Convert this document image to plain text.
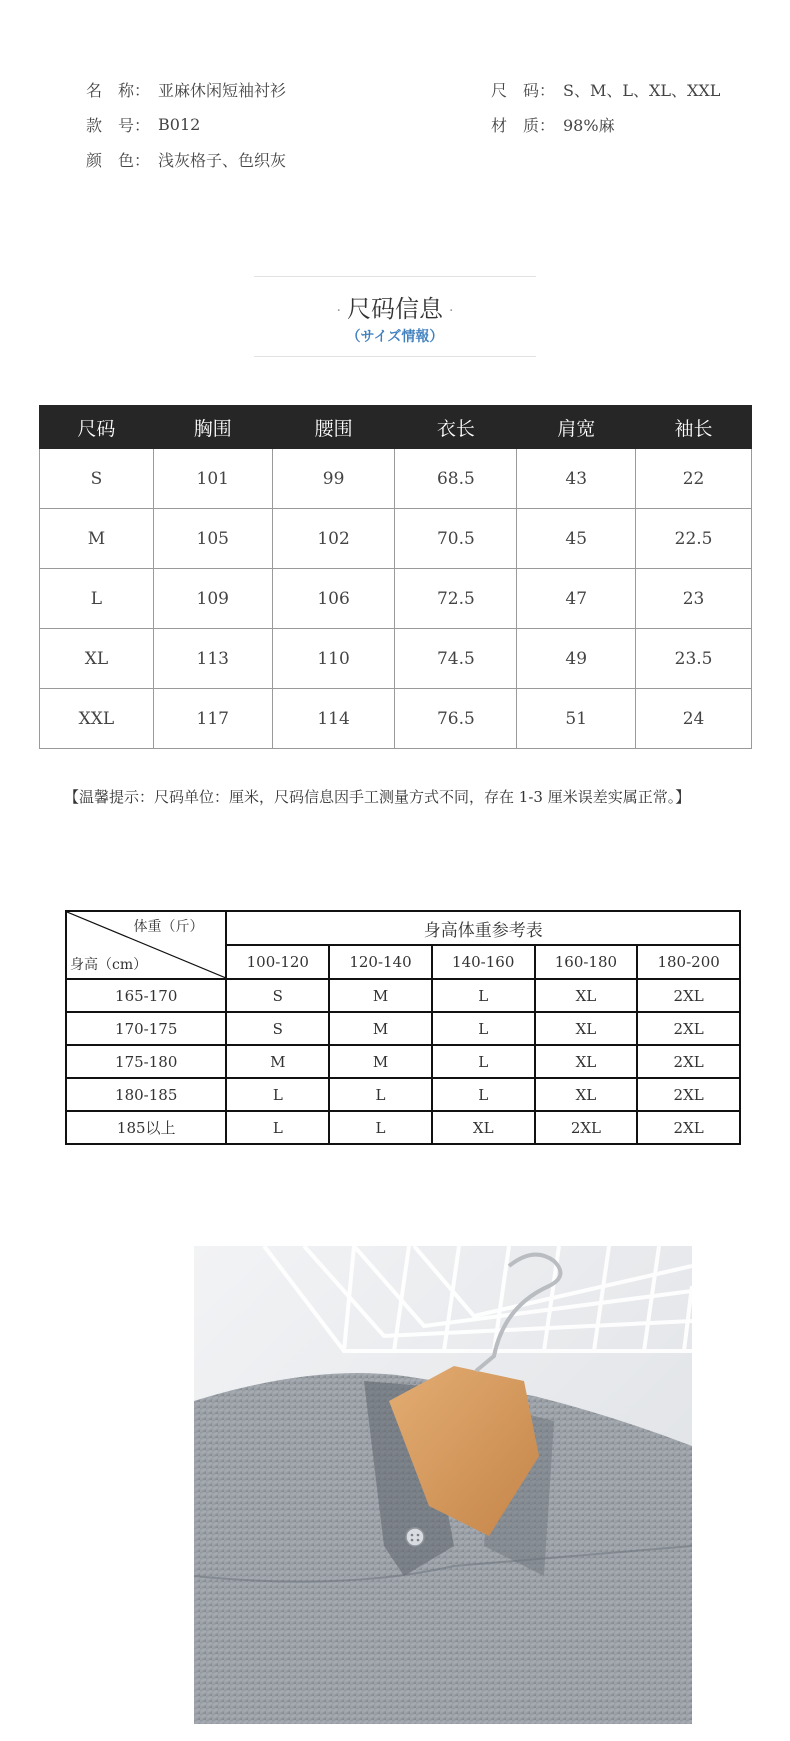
名　称： 亚麻休闲短袖衬衫	尺　码： S、M、L、XL、XXL
款　号： B012	材　质： 98%麻
颜　色： 浅灰格子、色织灰
· 尺码信息 ·
（サイズ情報）
尺码	胸围	腰围	衣长	肩宽	袖长
S	101	99	68.5	43	22
M	105	102	70.5	45	22.5
L	109	106	72.5	47	23
XL	113	110	74.5	49	23.5
XXL	117	114	76.5	51	24
【温馨提示：尺码单位：厘米，尺码信息因手工测量方式不同，存在 1-3 厘米误差实属正常。】
体重（斤）
身高（cm）	身高体重参考表				
	100-120	120-140	140-160	160-180	180-200
165-170	S	M	L	XL	2XL
170-175	S	M	L	XL	2XL
175-180	M	M	L	XL	2XL
180-185	L	L	L	XL	2XL
185以上	L	L	XL	2XL	2XL
